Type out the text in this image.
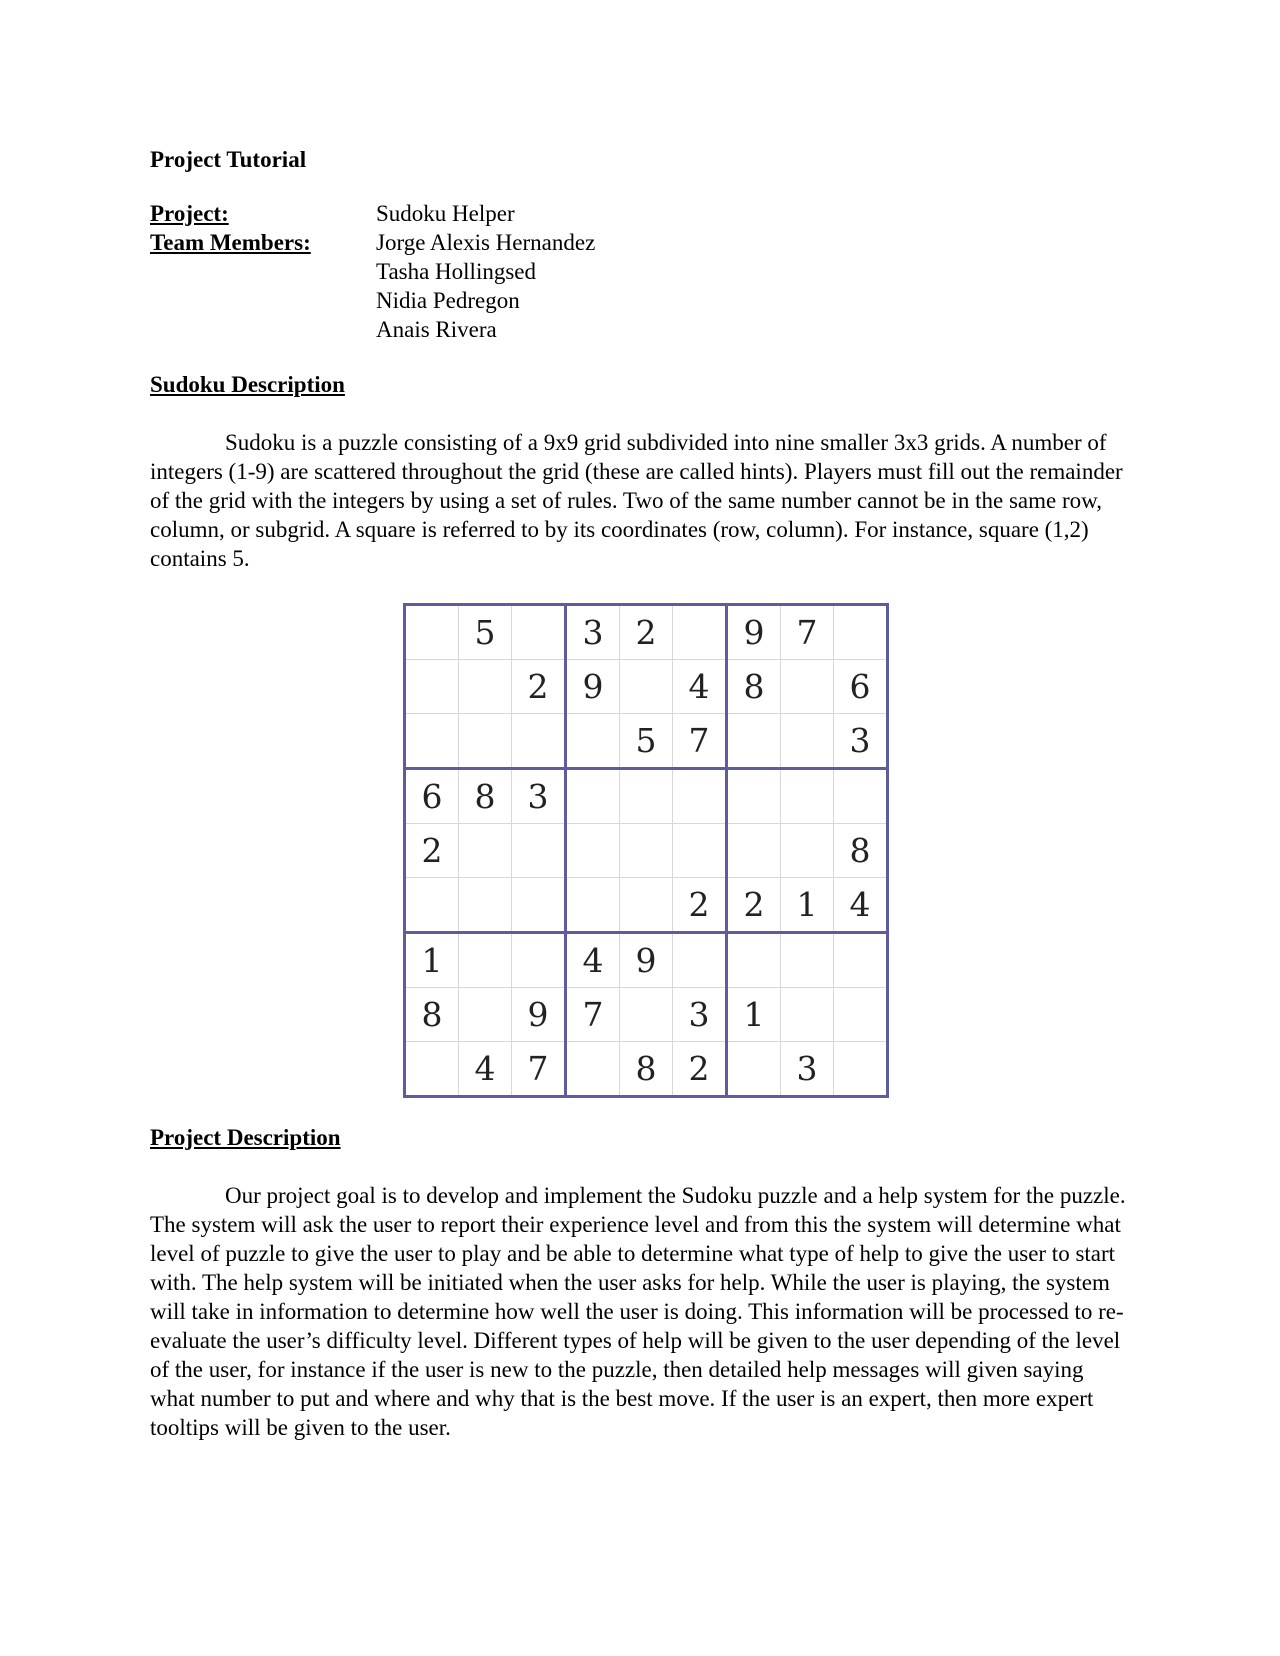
Project Tutorial
Project:	Sudoku Helper
Team Members:	Jorge Alexis Hernandez
Tasha Hollingsed
Nidia Pedregon
Anais Rivera
Sudoku Description

Sudoku is a puzzle consisting of a 9x9 grid subdivided into nine smaller 3x3 grids. A number of integers (1-9) are scattered throughout the grid (these are called hints). Players must fill out the remainder of the grid with the integers by using a set of rules. Two of the same number cannot be in the same row, column, or subgrid. A square is referred to by its coordinates (row, column). For instance, square (1,2) contains 5.

	5		3	2		9	7	
		2	9		4	8		6
				5	7			3
6	8	3						
2								8
					2	2	1	4
1			4	9				
8		9	7		3	1		
	4	7		8	2		3	
Project Description

Our project goal is to develop and implement the Sudoku puzzle and a help system for the puzzle. The system will ask the user to report their experience level and from this the system will determine what level of puzzle to give the user to play and be able to determine what type of help to give the user to start with. The help system will be initiated when the user asks for help. While the user is playing, the system will take in information to determine how well the user is doing. This information will be processed to re-evaluate the user’s difficulty level. Different types of help will be given to the user depending of the level of the user, for instance if the user is new to the puzzle, then detailed help messages will given saying what number to put and where and why that is the best move. If the user is an expert, then more expert tooltips will be given to the user.
